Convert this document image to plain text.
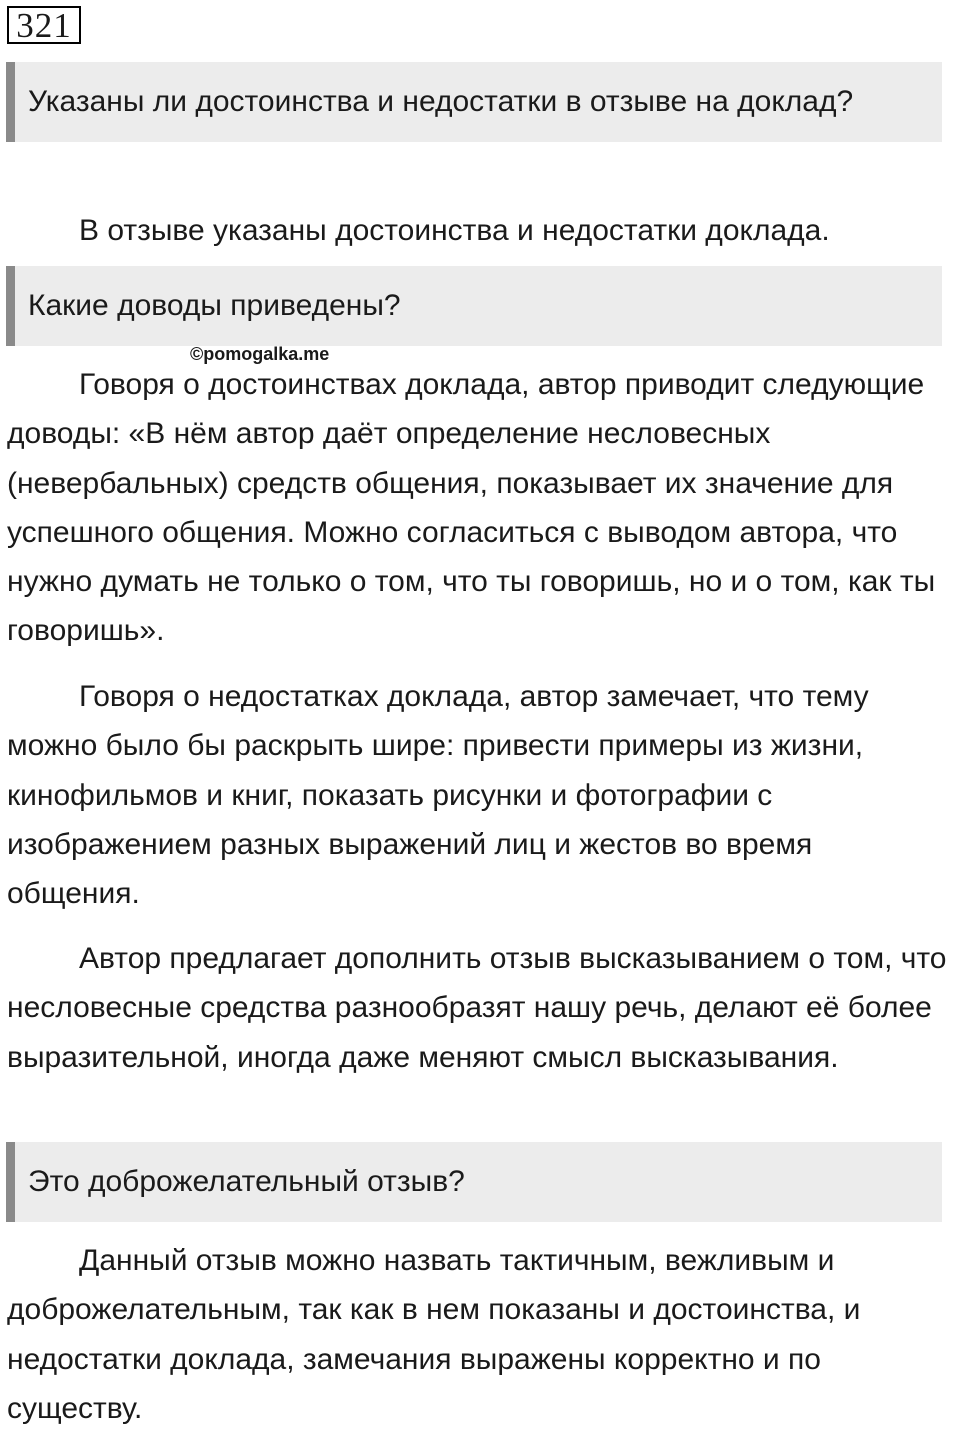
321
Указаны ли достоинства и недостатки в отзыве на доклад?

В отзыве указаны достоинства и недостатки доклада.

Какие доводы приведены?
©pomogalka.me

Говоря о достоинствах доклада, автор приводит следующие доводы: «В нём автор даёт определение несловесных (невербальных) средств общения, показывает их значение для успешного общения. Можно согласиться с выводом автора, что нужно думать не только о том, что ты говоришь, но и о том, как ты говоришь».

Говоря о недостатках доклада, автор замечает, что тему можно было бы раскрыть шире: привести примеры из жизни, кинофильмов и книг, показать рисунки и фотографии с изображением разных выражений лиц и жестов во время общения.

Автор предлагает дополнить отзыв высказыванием о том, что несловесные средства разнообразят нашу речь, делают её более выразительной, иногда даже меняют смысл высказывания.

Это доброжелательный отзыв?

Данный отзыв можно назвать тактичным, вежливым и доброжелательным, так как в нем показаны и достоинства, и недостатки доклада, замечания выражены корректно и по существу.
